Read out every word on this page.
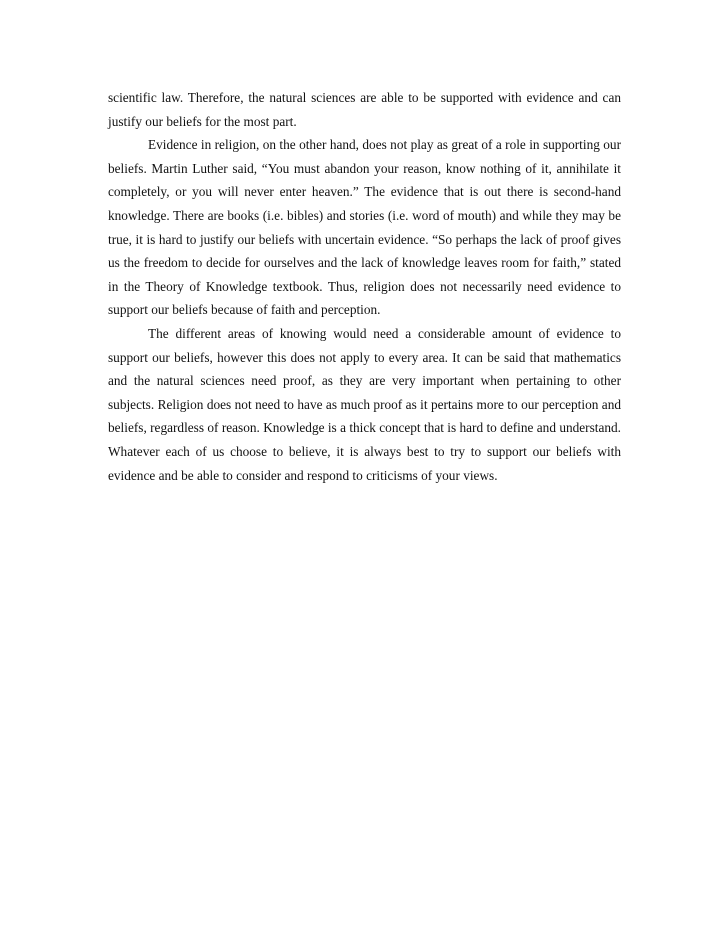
scientific law. Therefore, the natural sciences are able to be supported with evidence and can justify our beliefs for the most part.

Evidence in religion, on the other hand, does not play as great of a role in supporting our beliefs. Martin Luther said, “You must abandon your reason, know nothing of it, annihilate it completely, or you will never enter heaven.” The evidence that is out there is second-hand knowledge. There are books (i.e. bibles) and stories (i.e. word of mouth) and while they may be true, it is hard to justify our beliefs with uncertain evidence. “So perhaps the lack of proof gives us the freedom to decide for ourselves and the lack of knowledge leaves room for faith,” stated in the Theory of Knowledge textbook. Thus, religion does not necessarily need evidence to support our beliefs because of faith and perception.

The different areas of knowing would need a considerable amount of evidence to support our beliefs, however this does not apply to every area. It can be said that mathematics and the natural sciences need proof, as they are very important when pertaining to other subjects. Religion does not need to have as much proof as it pertains more to our perception and beliefs, regardless of reason. Knowledge is a thick concept that is hard to define and understand. Whatever each of us choose to believe, it is always best to try to support our beliefs with evidence and be able to consider and respond to criticisms of your views.
